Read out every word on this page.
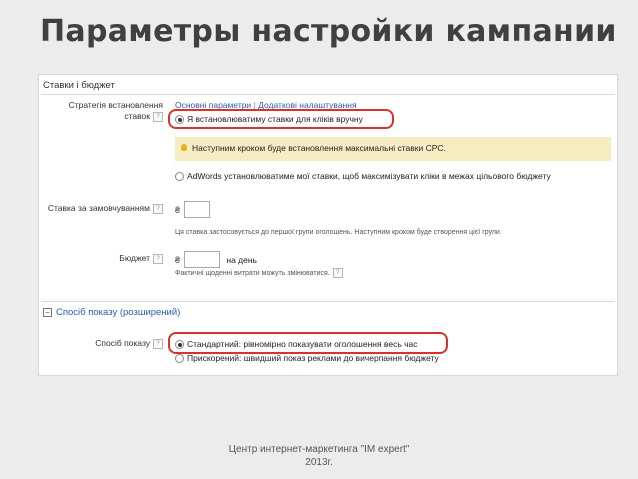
Параметры настройки кампании
Ставки і бюджет
Стратегія встановлення
ставок ?
Основні параметри | Додаткові налаштування
Я встановлюватиму ставки для кліків вручну
Наступним кроком буде встановлення максимальні ставки CPC.
AdWords установлюватиме мої ставки, щоб максимізувати кліки в межах цільового бюджету
Ставка за замовчуванням ?	₴
Ця ставка застосовується до першої групи оголошень. Наступним кроком буде створення цієї групи.
Бюджет ?	₴	на день
Фактичні щоденні витрати можуть змінюватися. ?
– Спосіб показу (розширений)
Спосіб показу ?	Стандартний: рівномірно показувати оголошення весь час
Прискорений: швидший показ реклами до вичерпання бюджету
Центр интернет-маркетинга "IM expert"
2013г.
